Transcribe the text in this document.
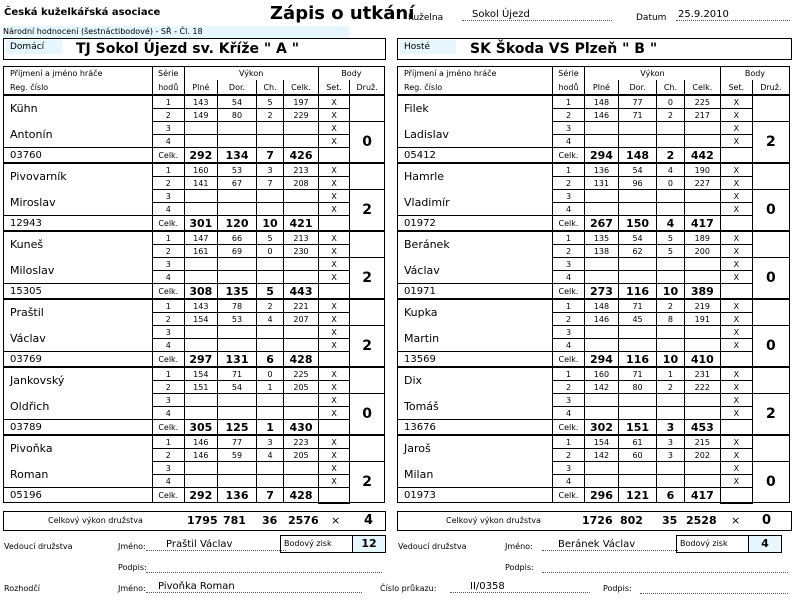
Česká kuželkářská asociace	Zápis o utkání
Národní hodnocení (šestnáctibodové) - SŘ - Čl. 18
Kuželna	Sokol Újezd	Datum 25.9.2010
Domácí	TJ Sokol Újezd sv. Kříže " A "	Hosté	SK Škoda VS Plzeň " B "
Příjmení a jméno hráče	Série	Výkon				Body	
Reg. číslo	hodů	Plné	Dor.	Ch.	Celk.	Set.	Druž.
Kühn	1	143	54	5	197	X	
	2	149	80	2	229	X	
Antonín	3					X	0
	4					X	
03760	Celk.	292	134	7	426		
Pivovarník	1	160	53	3	213	X	
	2	141	67	7	208	X	
Miroslav	3					X	2
	4					X	
12943	Celk.	301	120	10	421		
Kuneš	1	147	66	5	213	X	
	2	161	69	0	230	X	
Miloslav	3					X	2
	4					X	
15305	Celk.	308	135	5	443		
Praštil	1	143	78	2	221	X	
	2	154	53	4	207	X	
Václav	3					X	2
	4					X	
03769	Celk.	297	131	6	428		
Jankovský	1	154	71	0	225	X	
	2	151	54	1	205	X	
Oldřich	3					X	0
	4					X	
03789	Celk.	305	125	1	430		
Pivoňka	1	146	77	3	223	X	
	2	146	59	4	205	X	
Roman	3					X	2
	4					X	
05196	Celk.	292	136	7	428		
Příjmení a jméno hráče	Série	Výkon				Body	
Reg. číslo	hodů	Plné	Dor.	Ch.	Celk.	Set.	Druž.
Filek	1	148	77	0	225	X	
	2	146	71	2	217	X	
Ladislav	3					X	2
	4					X	
05412	Celk.	294	148	2	442		
Hamrle	1	136	54	4	190	X	
	2	131	96	0	227	X	
Vladimír	3					X	0
	4					X	
01972	Celk.	267	150	4	417		
Beránek	1	135	54	5	189	X	
	2	138	62	5	200	X	
Václav	3					X	0
	4					X	
01971	Celk.	273	116	10	389		
Kupka	1	148	71	2	219	X	
	2	146	45	8	191	X	
Martin	3					X	0
	4					X	
13569	Celk.	294	116	10	410		
Dix	1	160	71	1	231	X	
	2	142	80	2	222	X	
Tomáš	3					X	2
	4					X	
13676	Celk.	302	151	3	453		
Jaroš	1	154	61	3	215	X	
	2	142	60	3	202	X	
Milan	3					X	0
	4					X	
01973	Celk.	296	121	6	417		
Celkový výkon družstva	1795 781 36 2576 × 4	Celkový výkon družstva	1726 802 35 2528 × 0
Bodový zisk	12	Bodový zisk	4
Vedoucí družstva	Jméno:	Praštil Václav
Podpis:
Vedoucí družstva	Jméno:	Beránek Václav
Podpis:
Rozhodčí	Jméno:	Pivoňka Roman	Číslo průkazu:	II/0358	Podpis:
